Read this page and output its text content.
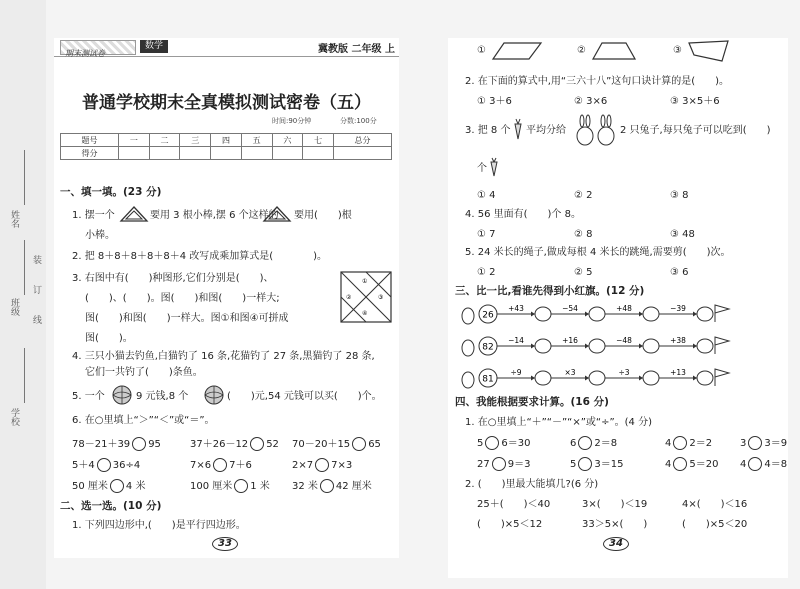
姓名
装
订
线
班级
学校
期末测试卷
数学	冀教版 二年级 上
普通学校期末全真模拟测试密卷（五）
时间:90分钟	分数:100分
题号	一	二	三	四	五	六	七	总分
得分								
一、填一填。(23 分)
1. 摆一个	要用 3 根小棒,摆 6 个这样的 要用(　　)根
小棒。
2. 把 8＋8＋8＋8＋8＋4 改写成乘加算式是(　　　　)。
3. 右图中有(　　)种图形,它们分别是(　　)、
(　　)、(　　)。图(　　)和图(　　)一样大;
图(　　)和图(　　)一样大。图①和图④可拼成
图(　　)。
①
②	③
④
4. 三只小猫去钓鱼,白猫钓了 16 条,花猫钓了 27 条,黑猫钓了 28 条,
它们一共钓了(　　)条鱼。
5. 一个	9 元钱,8 个	(　　)元,54 元钱可以买(　　)个。
6. 在○里填上“＞”“＜”或“＝”。
78－21＋39 95	37＋26－12 52 70－20＋15 65
5＋4 36÷4	7×6 7＋6	2×7 7×3
50 厘米 4 米	100 厘米 1 米 32 米 42 厘米
二、选一选。(10 分)
1. 下列四边形中,(　　)是平行四边形。
33
①	②	③
2. 在下面的算式中,用“三六十八”这句口诀计算的是(　　)。
① 3＋6	② 3×6	③ 3×5＋6
3. 把 8 个 平均分给	2 只兔子,每只兔子可以吃到(　　)
个
① 4	② 2	③ 8
4. 56 里面有(　　)个 8。
① 7	② 8	③ 48
5. 24 米长的绳子,做成每根 4 米长的跳绳,需要剪(　　)次。
① 2	② 5	③ 6
三、比一比,看谁先得到小红旗。(12 分)
26
+43	−54	+48	−39
82
−14	+16	−48	+38
81
÷9	×3	÷3	+13
四、我能根据要求计算。(16 分)
1. 在○里填上“＋”“－”“×”或“÷”。(4 分)
5 6＝30	6 2＝8	4 2＝2	3 3＝9
27 9＝3	5 3＝15	4 5＝20 4 4＝8
2. (　　)里最大能填几?(6 分)
25＋(　　)＜40	3×(　　)＜19	4×(　　)＜16
(　　)×5＜12	33＞5×(　　)	(　　)×5＜20
34
